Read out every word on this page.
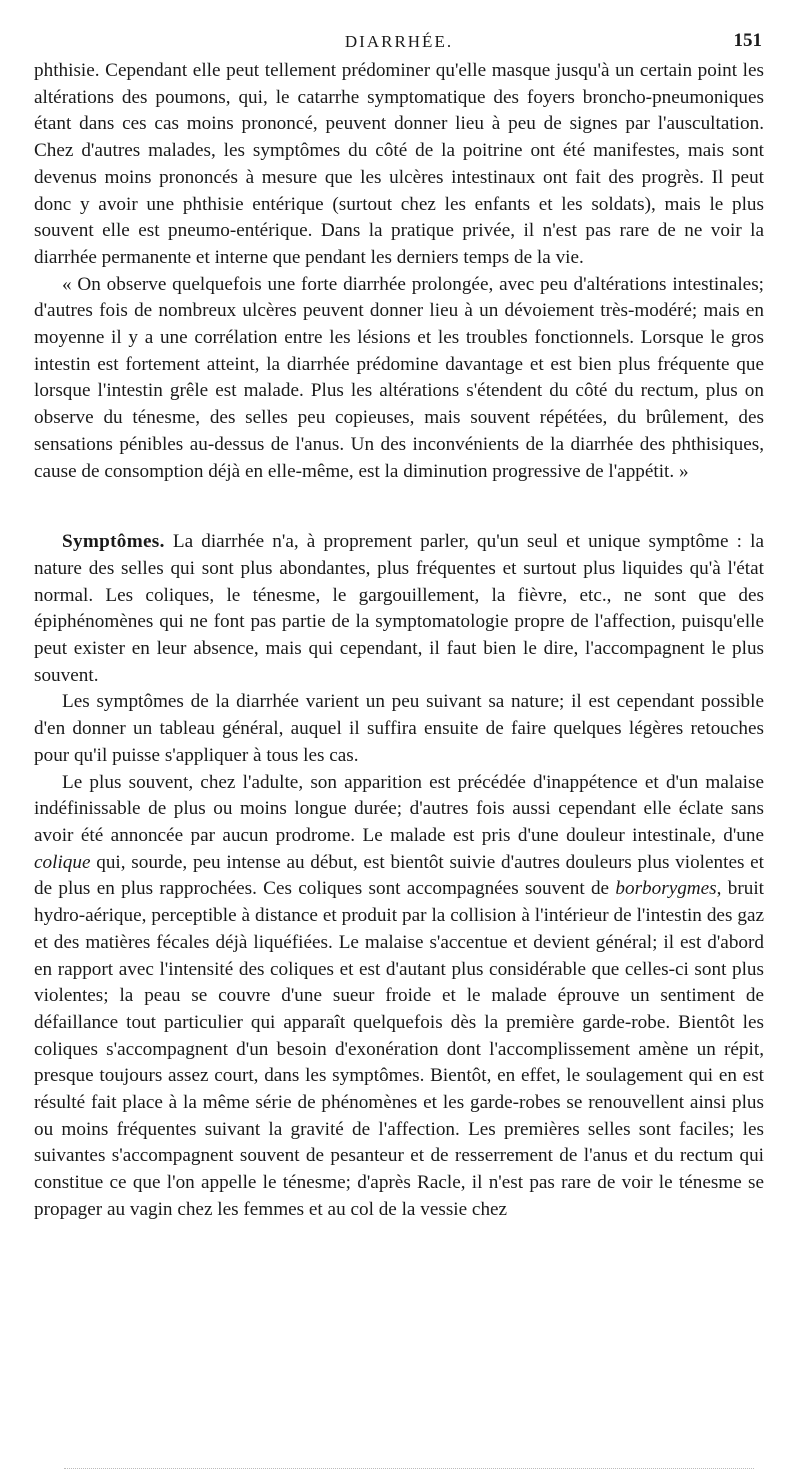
DIARRHÉE.	151

phthisie. Cependant elle peut tellement prédominer qu'elle masque jusqu'à un certain point les altérations des poumons, qui, le catarrhe symptomatique des foyers broncho-pneumoniques étant dans ces cas moins prononcé, peuvent donner lieu à peu de signes par l'auscultation. Chez d'autres malades, les symptômes du côté de la poitrine ont été manifestes, mais sont devenus moins prononcés à mesure que les ulcères intestinaux ont fait des progrès. Il peut donc y avoir une phthisie entérique (surtout chez les enfants et les soldats), mais le plus souvent elle est pneumo-entérique. Dans la pratique privée, il n'est pas rare de ne voir la diarrhée permanente et interne que pendant les derniers temps de la vie.

« On observe quelquefois une forte diarrhée prolongée, avec peu d'altérations intestinales; d'autres fois de nombreux ulcères peuvent donner lieu à un dévoiement très-modéré; mais en moyenne il y a une corrélation entre les lésions et les troubles fonctionnels. Lorsque le gros intestin est fortement atteint, la diarrhée prédomine davantage et est bien plus fréquente que lorsque l'intestin grêle est malade. Plus les altérations s'étendent du côté du rectum, plus on observe du ténesme, des selles peu copieuses, mais souvent répétées, du brûlement, des sensations pénibles au-dessus de l'anus. Un des inconvénients de la diarrhée des phthisiques, cause de consomption déjà en elle-même, est la diminution progressive de l'appétit. »

Symptômes. La diarrhée n'a, à proprement parler, qu'un seul et unique symptôme : la nature des selles qui sont plus abondantes, plus fréquentes et surtout plus liquides qu'à l'état normal. Les coliques, le ténesme, le gargouillement, la fièvre, etc., ne sont que des épiphénomènes qui ne font pas partie de la symptomatologie propre de l'affection, puisqu'elle peut exister en leur absence, mais qui cependant, il faut bien le dire, l'accompagnent le plus souvent.

Les symptômes de la diarrhée varient un peu suivant sa nature; il est cependant possible d'en donner un tableau général, auquel il suffira ensuite de faire quelques légères retouches pour qu'il puisse s'appliquer à tous les cas.

Le plus souvent, chez l'adulte, son apparition est précédée d'inappétence et d'un malaise indéfinissable de plus ou moins longue durée; d'autres fois aussi cependant elle éclate sans avoir été annoncée par aucun prodrome. Le malade est pris d'une douleur intestinale, d'une colique qui, sourde, peu intense au début, est bientôt suivie d'autres douleurs plus violentes et de plus en plus rapprochées. Ces coliques sont accompagnées souvent de borborygmes, bruit hydro-aérique, perceptible à distance et produit par la collision à l'intérieur de l'intestin des gaz et des matières fécales déjà liquéfiées. Le malaise s'accentue et devient général; il est d'abord en rapport avec l'intensité des coliques et est d'autant plus considérable que celles-ci sont plus violentes; la peau se couvre d'une sueur froide et le malade éprouve un sentiment de défaillance tout particulier qui apparaît quelquefois dès la première garde-robe. Bientôt les coliques s'accompagnent d'un besoin d'exonération dont l'accomplissement amène un répit, presque toujours assez court, dans les symptômes. Bientôt, en effet, le soulagement qui en est résulté fait place à la même série de phénomènes et les garde-robes se renouvellent ainsi plus ou moins fréquentes suivant la gravité de l'affection. Les premières selles sont faciles; les suivantes s'accompagnent souvent de pesanteur et de resserrement de l'anus et du rectum qui constitue ce que l'on appelle le ténesme; d'après Racle, il n'est pas rare de voir le ténesme se propager au vagin chez les femmes et au col de la vessie chez
